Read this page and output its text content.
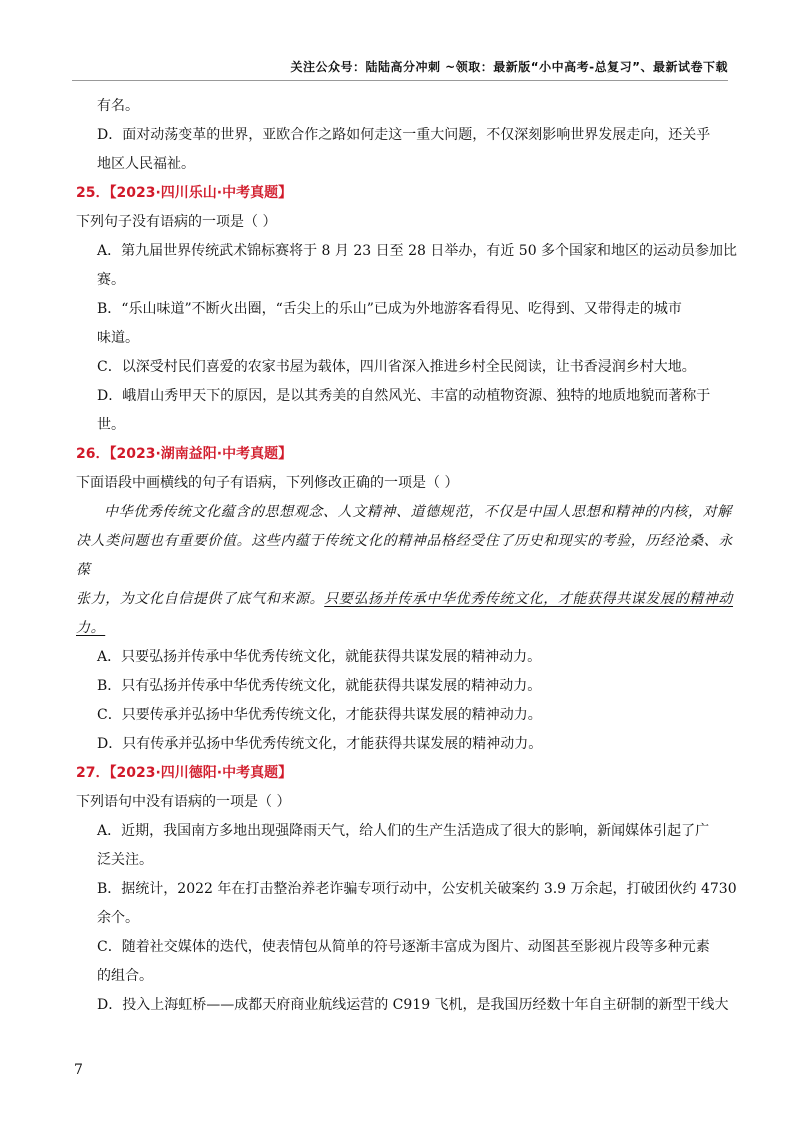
关注公众号：陆陆高分冲刺 ~领取：最新版“小中高考-总复习”、最新试卷下载
有名。
D．面对动荡变革的世界，亚欧合作之路如何走这一重大问题，不仅深刻影响世界发展走向，还关乎
地区人民福祉。
25．【2023·四川乐山·中考真题】
下列句子没有语病的一项是（ ）
A．第九届世界传统武术锦标赛将于 8 月 23 日至 28 日举办，有近 50 多个国家和地区的运动员参加比
赛。
B．“乐山味道”不断火出圈，“舌尖上的乐山”已成为外地游客看得见、吃得到、又带得走的城市
味道。
C．以深受村民们喜爱的农家书屋为载体，四川省深入推进乡村全民阅读，让书香浸润乡村大地。
D．峨眉山秀甲天下的原因，是以其秀美的自然风光、丰富的动植物资源、独特的地质地貌而著称于
世。
26．【2023·湖南益阳·中考真题】
下面语段中画横线的句子有语病，下列修改正确的一项是（ ）
中华优秀传统文化蕴含的思想观念、人文精神、道德规范，不仅是中国人思想和精神的内核，对解
决人类问题也有重要价值。这些内蕴于传统文化的精神品格经受住了历史和现实的考验，历经沧桑、永葆
张力，为文化自信提供了底气和来源。只要弘扬并传承中华优秀传统文化，才能获得共谋发展的精神动力。
A．只要弘扬并传承中华优秀传统文化，就能获得共谋发展的精神动力。
B．只有弘扬并传承中华优秀传统文化，就能获得共谋发展的精神动力。
C．只要传承并弘扬中华优秀传统文化，才能获得共谋发展的精神动力。
D．只有传承并弘扬中华优秀传统文化，才能获得共谋发展的精神动力。
27．【2023·四川德阳·中考真题】
下列语句中没有语病的一项是（ ）
A．近期，我国南方多地出现强降雨天气，给人们的生产生活造成了很大的影响，新闻媒体引起了广
泛关注。
B．据统计，2022 年在打击整治养老诈骗专项行动中，公安机关破案约 3.9 万余起，打破团伙约 4730
余个。
C．随着社交媒体的迭代，使表情包从简单的符号逐渐丰富成为图片、动图甚至影视片段等多种元素
的组合。
D．投入上海虹桥——成都天府商业航线运营的 C919 飞机，是我国历经数十年自主研制的新型干线大
7
